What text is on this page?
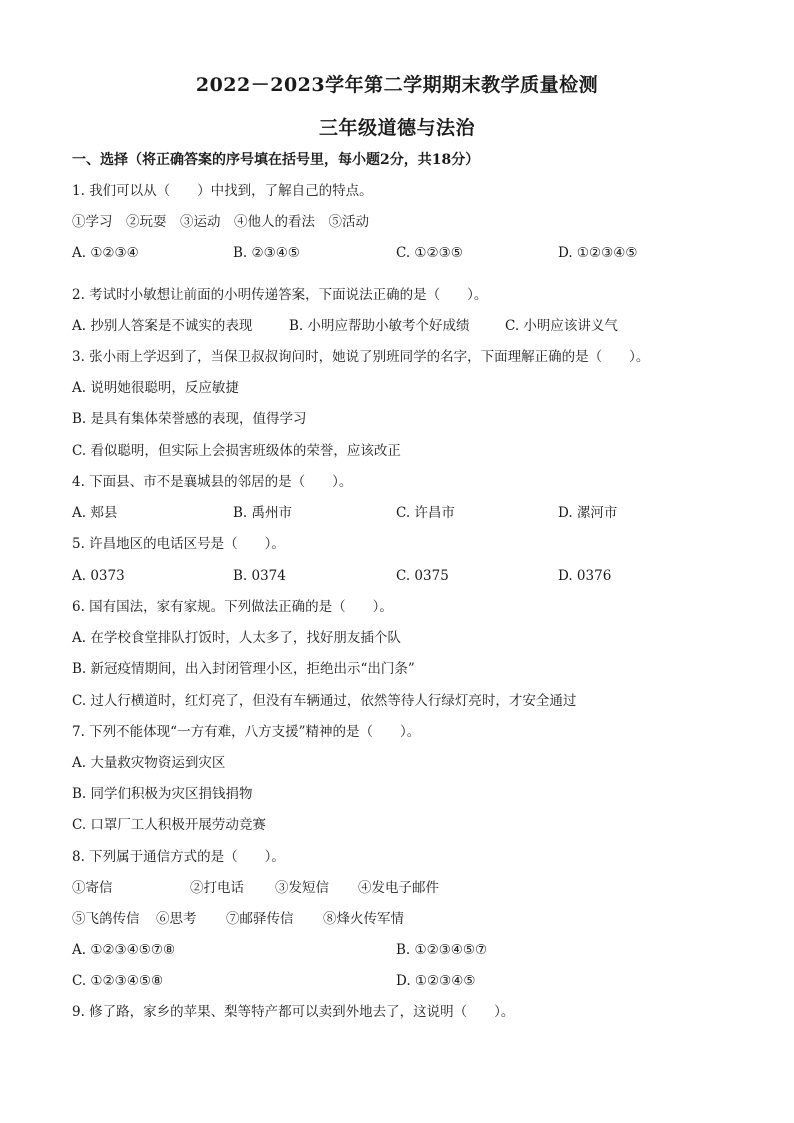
2022－2023学年第二学期期末教学质量检测
三年级道德与法治
一、选择（将正确答案的序号填在括号里，每小题2分，共18分）
1. 我们可以从（　　）中找到，了解自己的特点。
①学习　②玩耍　③运动　④他人的看法　⑤活动
A. ①②③④	B. ②③④⑤	C. ①②③⑤	D. ①②③④⑤
2. 考试时小敏想让前面的小明传递答案，下面说法正确的是（　　）。
A. 抄别人答案是不诚实的表现	B. 小明应帮助小敏考个好成绩	C. 小明应该讲义气
3. 张小雨上学迟到了，当保卫叔叔询问时，她说了别班同学的名字，下面理解正确的是（　　）。
A. 说明她很聪明，反应敏捷
B. 是具有集体荣誉感的表现，值得学习
C. 看似聪明，但实际上会损害班级体的荣誉，应该改正
4. 下面县、市不是襄城县的邻居的是（　　）。
A. 郏县	B. 禹州市	C. 许昌市	D. 漯河市
5. 许昌地区的电话区号是（　　）。
A. 0373	B. 0374	C. 0375	D. 0376
6. 国有国法，家有家规。下列做法正确的是（　　）。
A. 在学校食堂排队打饭时，人太多了，找好朋友插个队
B. 新冠疫情期间，出入封闭管理小区，拒绝出示“出门条”
C. 过人行横道时，红灯亮了，但没有车辆通过，依然等待人行绿灯亮时，才安全通过
7. 下列不能体现“一方有难，八方支援”精神的是（　　）。
A. 大量救灾物资运到灾区
B. 同学们积极为灾区捐钱捐物
C. 口罩厂工人积极开展劳动竞赛
8. 下列属于通信方式的是（　　）。
①寄信	②打电话 ③发短信 ④发电子邮件
⑤飞鸽传信 ⑥思考 ⑦邮驿传信 ⑧烽火传军情
A. ①②③④⑤⑦⑧	B. ①②③④⑤⑦
C. ①②③④⑤⑧	D. ①②③④⑤
9. 修了路，家乡的苹果、梨等特产都可以卖到外地去了，这说明（　　）。
